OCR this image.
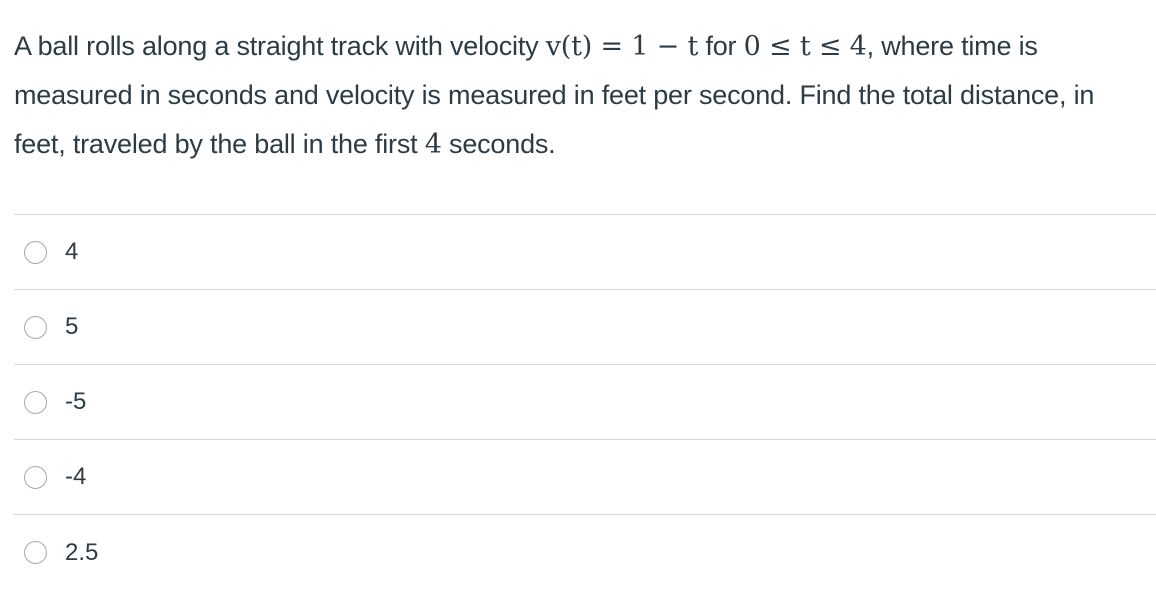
A ball rolls along a straight track with velocity v(t) = 1 − t for 0 ≤ t ≤ 4, where time is measured in seconds and velocity is measured in feet per second. Find the total distance, in feet, traveled by the ball in the first 4 seconds.
4
5
-5
-4
2.5
